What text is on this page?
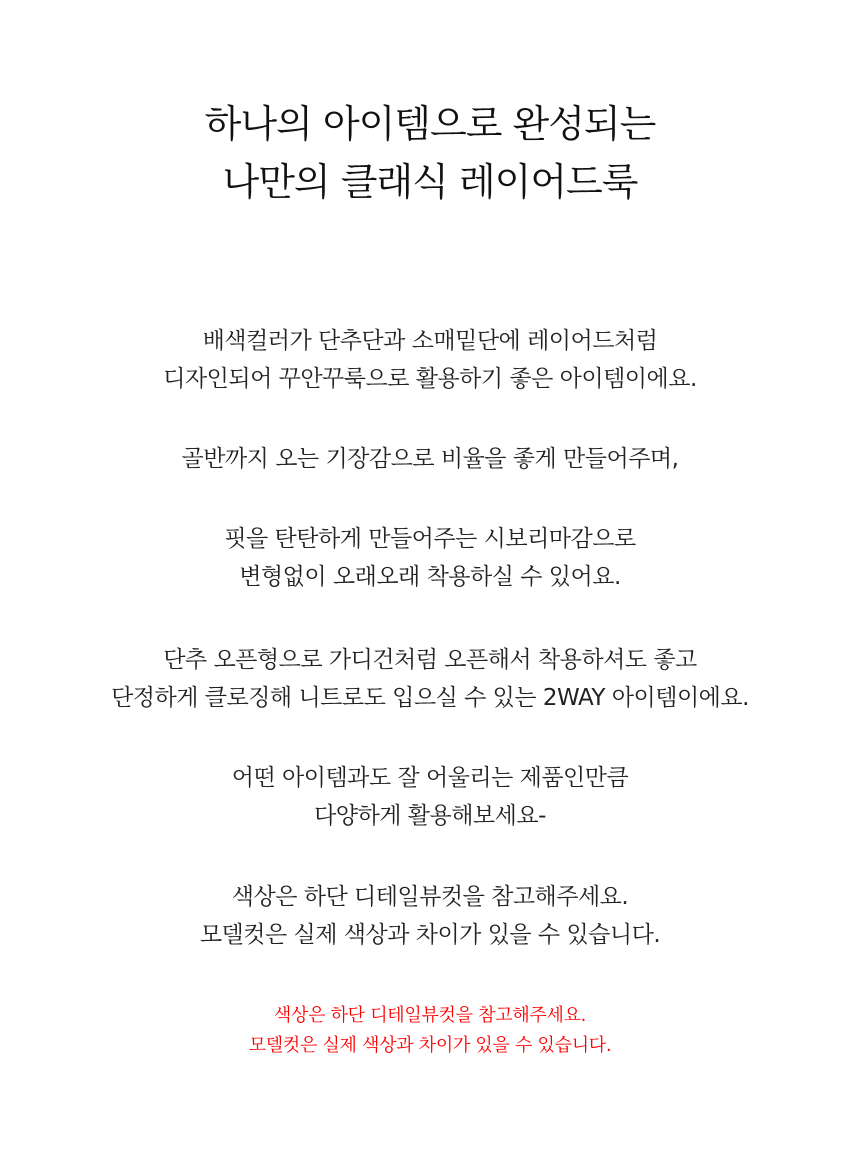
하나의 아이템으로 완성되는
나만의 클래식 레이어드룩
배색컬러가 단추단과 소매밑단에 레이어드처럼
디자인되어 꾸안꾸룩으로 활용하기 좋은 아이템이에요.
골반까지 오는 기장감으로 비율을 좋게 만들어주며,
핏을 탄탄하게 만들어주는 시보리마감으로
변형없이 오래오래 착용하실 수 있어요.
단추 오픈형으로 가디건처럼 오픈해서 착용하셔도 좋고
단정하게 클로징해 니트로도 입으실 수 있는 2WAY 아이템이에요.
어떤 아이템과도 잘 어울리는 제품인만큼
다양하게 활용해보세요-
색상은 하단 디테일뷰컷을 참고해주세요.
모델컷은 실제 색상과 차이가 있을 수 있습니다.
색상은 하단 디테일뷰컷을 참고해주세요.
모델컷은 실제 색상과 차이가 있을 수 있습니다.
